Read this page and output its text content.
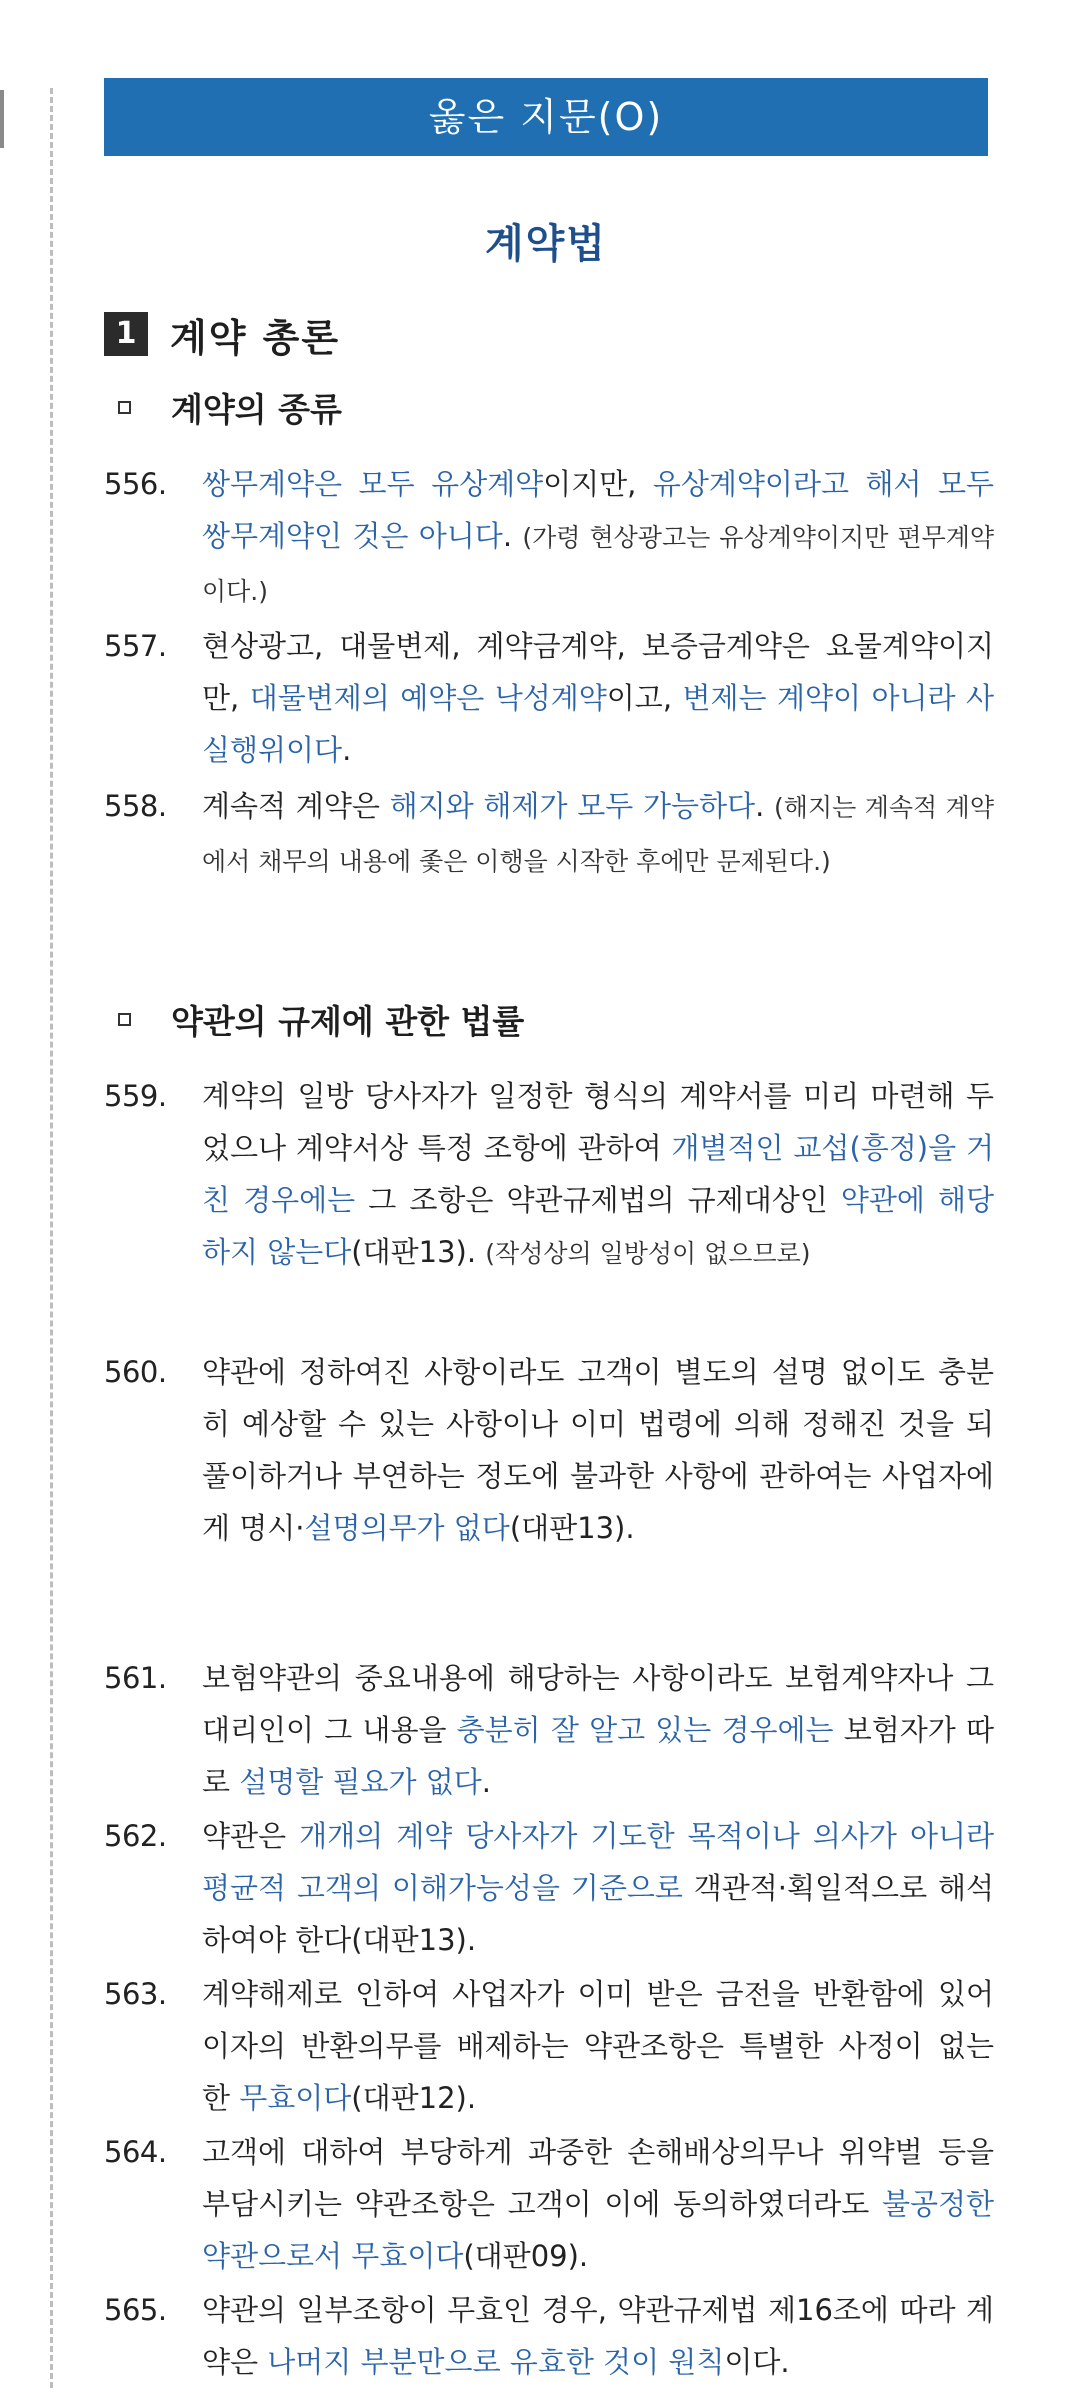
옳은 지문(O)
계약법
1 계약 총론
계약의 종류
556.	쌍무계약은 모두 유상계약이지만, 유상계약이라고 해서 모두 쌍무계약인 것은 아니다. (가령 현상광고는 유상계약이지만 편무계약이다.)
557.	현상광고, 대물변제, 계약금계약, 보증금계약은 요물계약이지만, 대물변제의 예약은 낙성계약이고, 변제는 계약이 아니라 사실행위이다.
558.	계속적 계약은 해지와 해제가 모두 가능하다. (해지는 계속적 계약에서 채무의 내용에 좇은 이행을 시작한 후에만 문제된다.)
약관의 규제에 관한 법률
559.	계약의 일방 당사자가 일정한 형식의 계약서를 미리 마련해 두었으나 계약서상 특정 조항에 관하여 개별적인 교섭(흥정)을 거친 경우에는 그 조항은 약관규제법의 규제대상인 약관에 해당하지 않는다(대판13). (작성상의 일방성이 없으므로)
560.	약관에 정하여진 사항이라도 고객이 별도의 설명 없이도 충분히 예상할 수 있는 사항이나 이미 법령에 의해 정해진 것을 되풀이하거나 부연하는 정도에 불과한 사항에 관하여는 사업자에게 명시·설명의무가 없다(대판13).
561.	보험약관의 중요내용에 해당하는 사항이라도 보험계약자나 그 대리인이 그 내용을 충분히 잘 알고 있는 경우에는 보험자가 따로 설명할 필요가 없다.
562.	약관은 개개의 계약 당사자가 기도한 목적이나 의사가 아니라 평균적 고객의 이해가능성을 기준으로 객관적·획일적으로 해석하여야 한다(대판13).
563.	계약해제로 인하여 사업자가 이미 받은 금전을 반환함에 있어 이자의 반환의무를 배제하는 약관조항은 특별한 사정이 없는 한 무효이다(대판12).
564.	고객에 대하여 부당하게 과중한 손해배상의무나 위약벌 등을 부담시키는 약관조항은 고객이 이에 동의하였더라도 불공정한 약관으로서 무효이다(대판09).
565.	약관의 일부조항이 무효인 경우, 약관규제법 제16조에 따라 계약은 나머지 부분만으로 유효한 것이 원칙이다.
